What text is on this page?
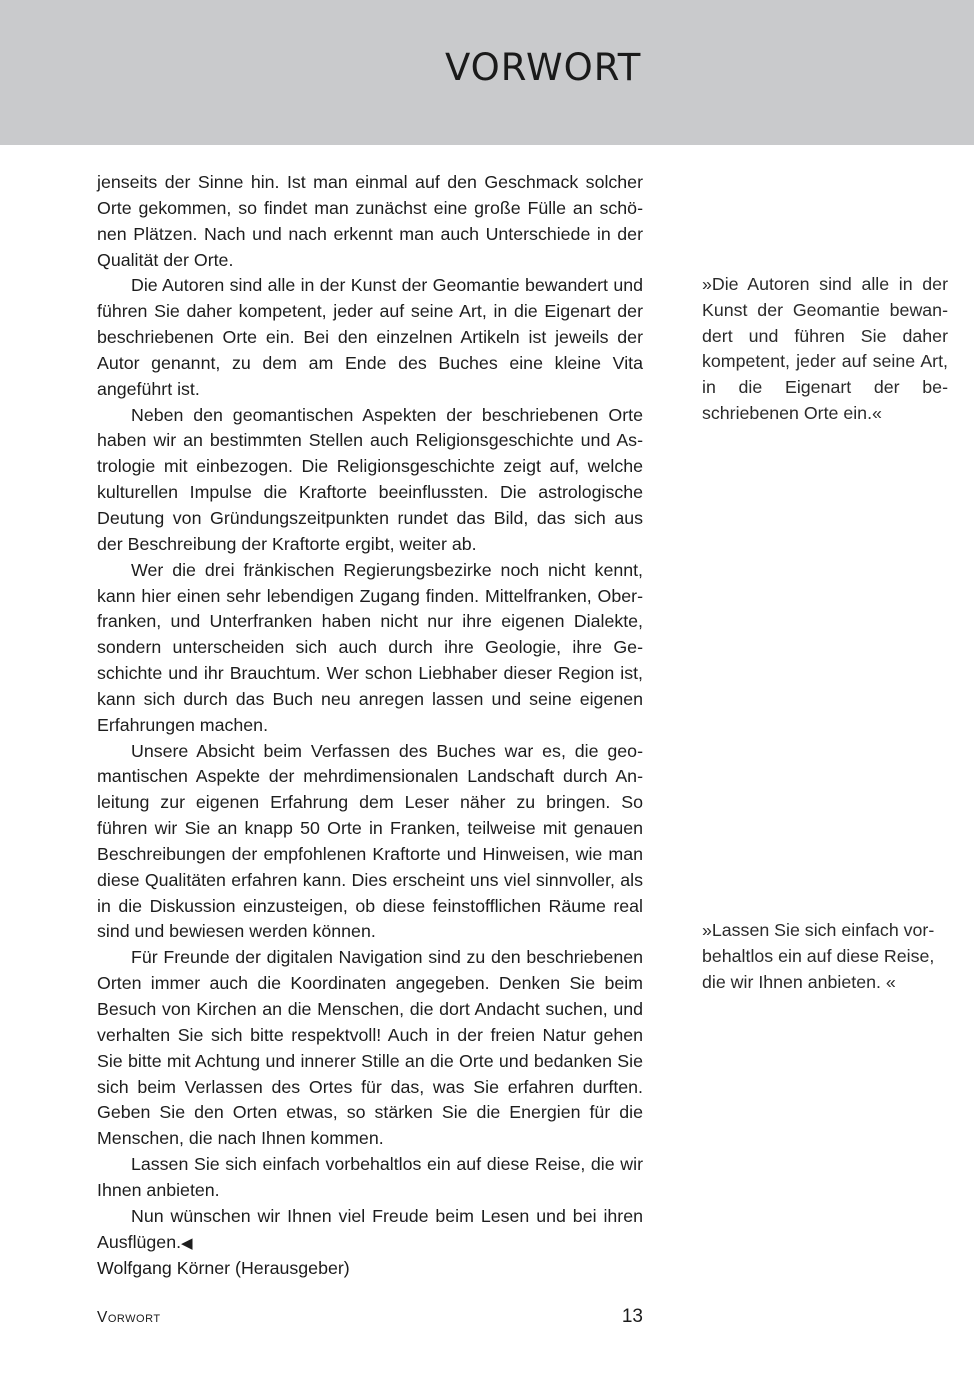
VORWORT

jenseits der Sinne hin. Ist man einmal auf den Geschmack solcher Orte gekommen, so findet man zunächst eine große Fülle an schönen Plätzen. Nach und nach erkennt man auch Unterschiede in der Qualität der Orte.

Die Autoren sind alle in der Kunst der Geomantie bewandert und führen Sie daher kompetent, jeder auf seine Art, in die Eigenart der beschriebenen Orte ein. Bei den einzelnen Artikeln ist jeweils der Autor genannt, zu dem am Ende des Buches eine kleine Vita angeführt ist.

Neben den geomantischen Aspekten der beschriebenen Orte haben wir an bestimmten Stellen auch Religionsgeschichte und Astrologie mit einbezogen. Die Religionsgeschichte zeigt auf, welche kulturellen Impulse die Kraftorte beeinflussten. Die astrologische Deutung von Gründungszeitpunkten rundet das Bild, das sich aus der Beschreibung der Kraftorte ergibt, weiter ab.

Wer die drei fränkischen Regierungsbezirke noch nicht kennt, kann hier einen sehr lebendigen Zugang finden. Mittelfranken, Oberfranken, und Unterfranken haben nicht nur ihre eigenen Dialekte, sondern unterscheiden sich auch durch ihre Geologie, ihre Geschichte und ihr Brauchtum. Wer schon Liebhaber dieser Region ist, kann sich durch das Buch neu anregen lassen und seine eigenen Erfahrungen machen.

Unsere Absicht beim Verfassen des Buches war es, die geomantischen Aspekte der mehrdimensionalen Landschaft durch Anleitung zur eigenen Erfahrung dem Leser näher zu bringen. So führen wir Sie an knapp 50 Orte in Franken, teilweise mit genauen Beschreibungen der empfohlenen Kraftorte und Hinweisen, wie man diese Qualitäten erfahren kann. Dies erscheint uns viel sinnvoller, als in die Diskussion einzusteigen, ob diese feinstofflichen Räume real sind und bewiesen werden können.

Für Freunde der digitalen Navigation sind zu den beschriebenen Orten immer auch die Koordinaten angegeben. Denken Sie beim Besuch von Kirchen an die Menschen, die dort Andacht suchen, und verhalten Sie sich bitte respektvoll! Auch in der freien Natur gehen Sie bitte mit Achtung und innerer Stille an die Orte und bedanken Sie sich beim Verlassen des Ortes für das, was Sie erfahren durften. Geben Sie den Orten etwas, so stärken Sie die Energien für die Menschen, die nach Ihnen kommen.

Lassen Sie sich einfach vorbehaltlos ein auf diese Reise, die wir Ihnen anbieten.

Nun wünschen wir Ihnen viel Freude beim Lesen und bei ihren Ausflügen.◀

Wolfgang Körner (Herausgeber)
»Die Autoren sind alle in der Kunst der Geomantie bewandert und führen Sie daher kompetent, jeder auf seine Art, in die Eigenart der beschriebenen Orte ein.«
»Lassen Sie sich einfach vorbehaltlos ein auf diese Reise, die wir Ihnen anbieten. «
Vorwort	13
